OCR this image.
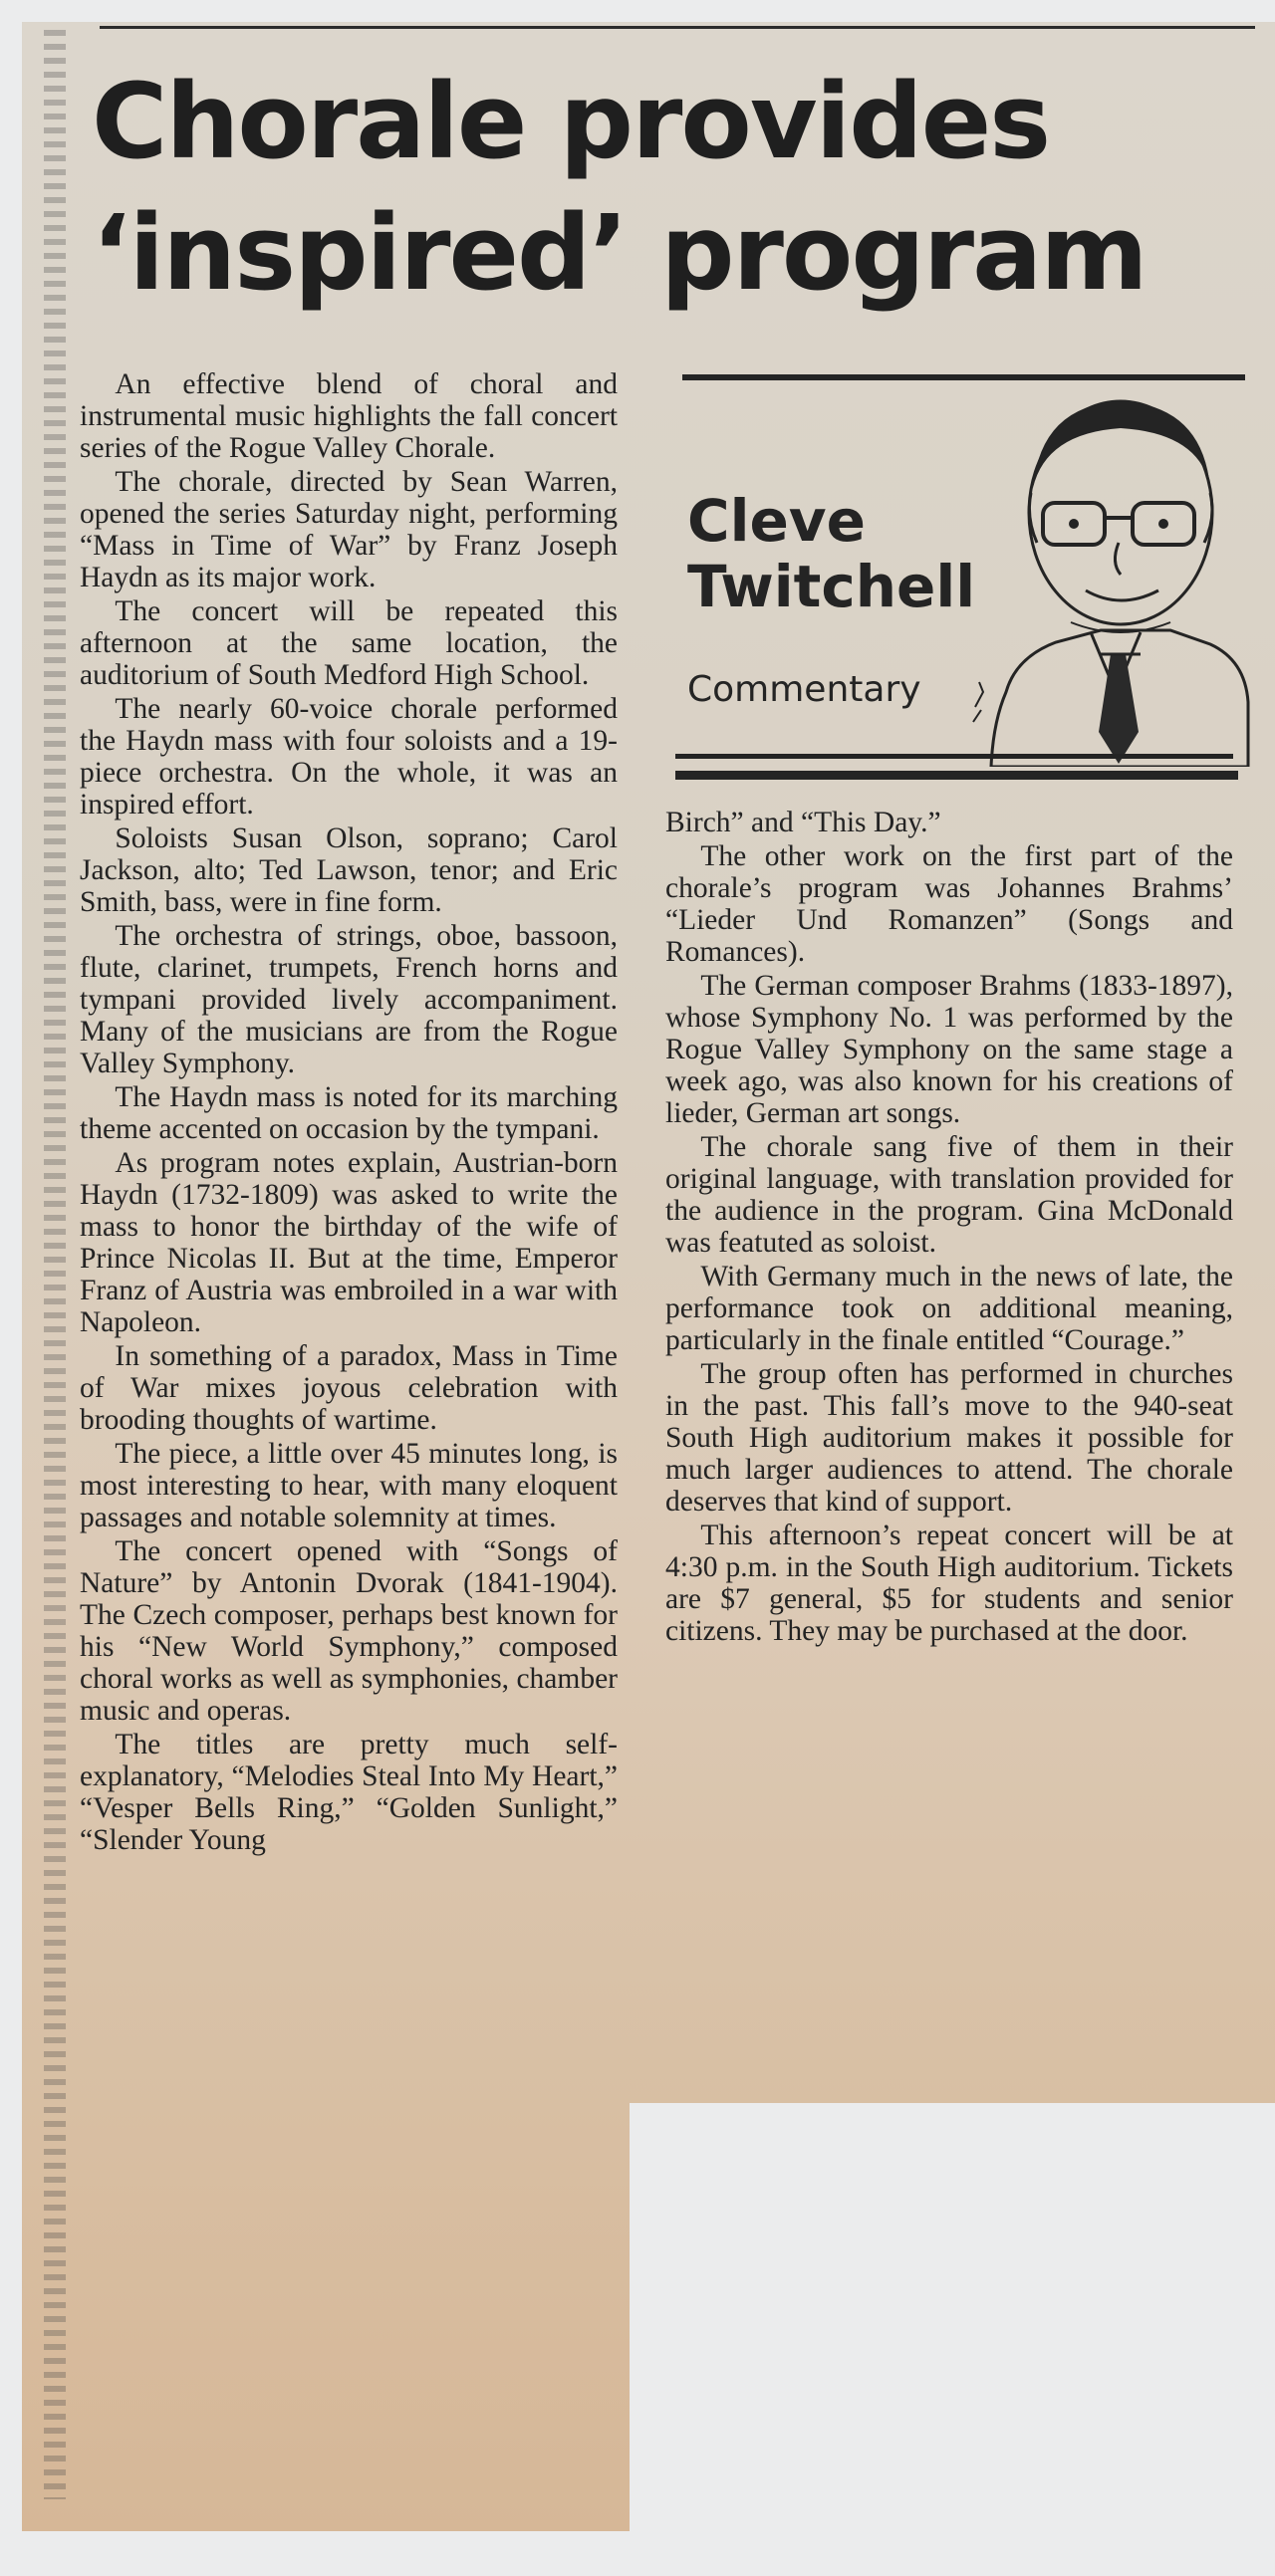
Chorale provides
‘inspired’ program

An effective blend of choral and instrumental music highlights the fall concert series of the Rogue Valley Chorale.

The chorale, directed by Sean Warren, opened the series Saturday night, performing “Mass in Time of War” by Franz Joseph Haydn as its major work.

The concert will be repeated this afternoon at the same location, the auditorium of South Medford High School.

The nearly 60-voice chorale performed the Haydn mass with four soloists and a 19-piece orchestra. On the whole, it was an inspired effort.

Soloists Susan Olson, soprano; Carol Jackson, alto; Ted Lawson, tenor; and Eric Smith, bass, were in fine form.

The orchestra of strings, oboe, bassoon, flute, clarinet, trumpets, French horns and tympani provided lively accompaniment. Many of the musicians are from the Rogue Valley Symphony.

The Haydn mass is noted for its marching theme accented on occasion by the tympani.

As program notes explain, Austrian-born Haydn (1732-1809) was asked to write the mass to honor the birthday of the wife of Prince Nicolas II. But at the time, Emperor Franz of Austria was embroiled in a war with Napoleon.

In something of a paradox, Mass in Time of War mixes joyous celebration with brooding thoughts of wartime.

The piece, a little over 45 minutes long, is most interesting to hear, with many eloquent passages and notable solemnity at times.

The concert opened with “Songs of Nature” by Antonin Dvorak (1841-1904). The Czech composer, perhaps best known for his “New World Symphony,” composed choral works as well as symphonies, chamber music and operas.

The titles are pretty much self-explanatory, “Melodies Steal Into My Heart,” “Vesper Bells Ring,” “Golden Sunlight,” “Slender Young

Cleve
Twitchell
Commentary

Birch” and “This Day.”

The other work on the first part of the chorale’s program was Johannes Brahms’ “Lieder Und Romanzen” (Songs and Romances).

The German composer Brahms (1833-1897), whose Symphony No. 1 was performed by the Rogue Valley Symphony on the same stage a week ago, was also known for his creations of lieder, German art songs.

The chorale sang five of them in their original language, with translation provided for the audience in the program. Gina McDonald was featuted as soloist.

With Germany much in the news of late, the performance took on additional meaning, particularly in the finale entitled “Courage.”

The group often has performed in churches in the past. This fall’s move to the 940-seat South High auditorium makes it possible for much larger audiences to attend. The chorale deserves that kind of support.

This afternoon’s repeat concert will be at 4:30 p.m. in the South High auditorium. Tickets are $7 general, $5 for students and senior citizens. They may be purchased at the door.
